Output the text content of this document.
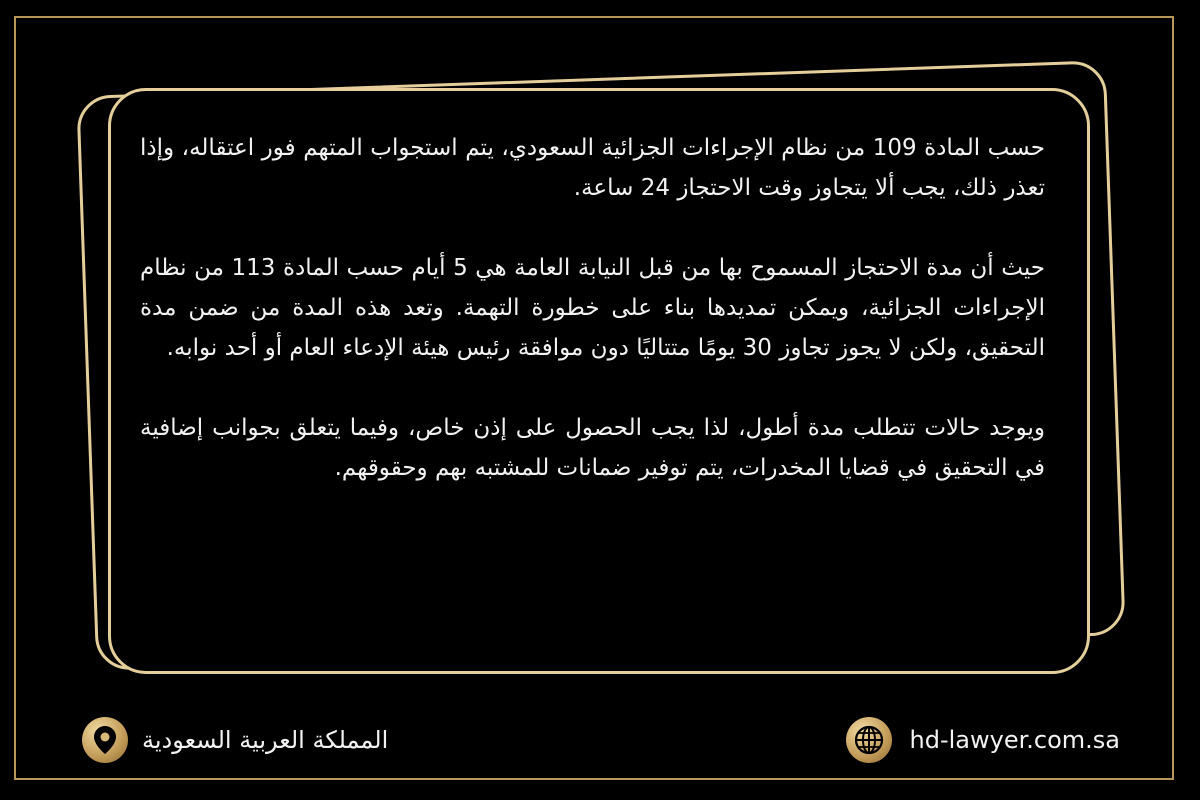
حسب المادة 109 من نظام الإجراءات الجزائية السعودي، يتم استجواب المتهم فور اعتقاله، وإذا تعذر ذلك، يجب ألا يتجاوز وقت الاحتجاز 24 ساعة.

حيث أن مدة الاحتجاز المسموح بها من قبل النيابة العامة هي 5 أيام حسب المادة 113 من نظام الإجراءات الجزائية، ويمكن تمديدها بناء على خطورة التهمة. وتعد هذه المدة من ضمن مدة التحقيق، ولكن لا يجوز تجاوز 30 يومًا متتاليًا دون موافقة رئيس هيئة الإدعاء العام أو أحد نوابه.

ويوجد حالات تتطلب مدة أطول، لذا يجب الحصول على إذن خاص، وفيما يتعلق بجوانب إضافية في التحقيق في قضايا المخدرات، يتم توفير ضمانات للمشتبه بهم وحقوقهم.

المملكة العربية السعودية	hd-lawyer.com.sa
